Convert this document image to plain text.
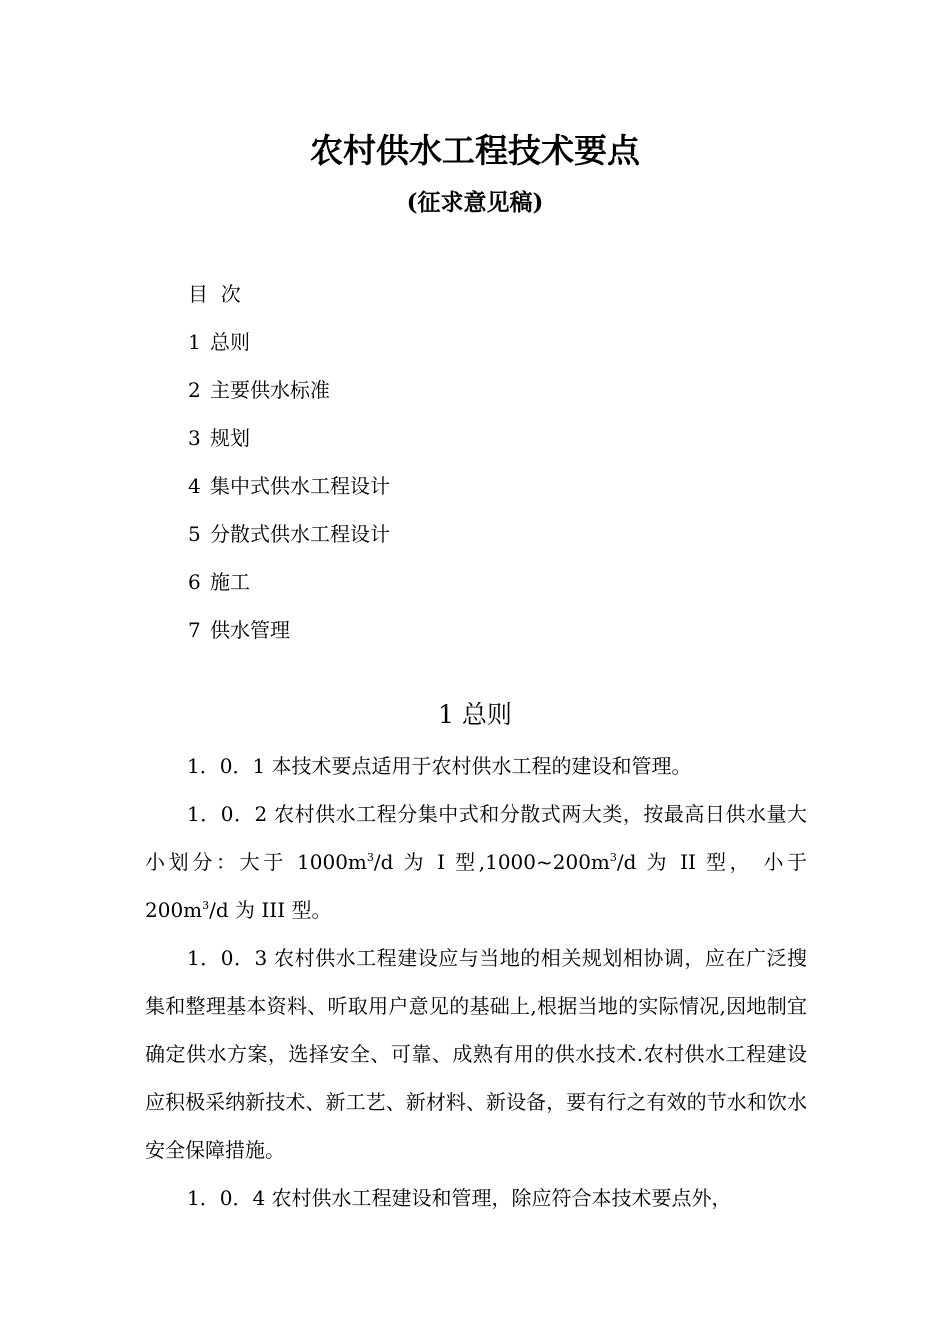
农村供水工程技术要点
(征求意见稿)
目  次
1 总则
2 主要供水标准
3 规划
4 集中式供水工程设计
5 分散式供水工程设计
6 施工
7 供水管理
1 总则

1．0．1 本技术要点适用于农村供水工程的建设和管理。

1．0．2 农村供水工程分集中式和分散式两大类，按最高日供水量大小划分：大于 $1000m^3/d$ 为 I 型$,1000\sim 200m^3/d$ 为 II 型， 小于 $200m^3/d$ 为 III 型。

1．0．3 农村供水工程建设应与当地的相关规划相协调，应在广泛搜集和整理基本资料、听取用户意见的基础上,根据当地的实际情况,因地制宜确定供水方案，选择安全、可靠、成熟有用的供水技术.农村供水工程建设应积极采纳新技术、新工艺、新材料、新设备，要有行之有效的节水和饮水安全保障措施。

1．0．4 农村供水工程建设和管理，除应符合本技术要点外，
